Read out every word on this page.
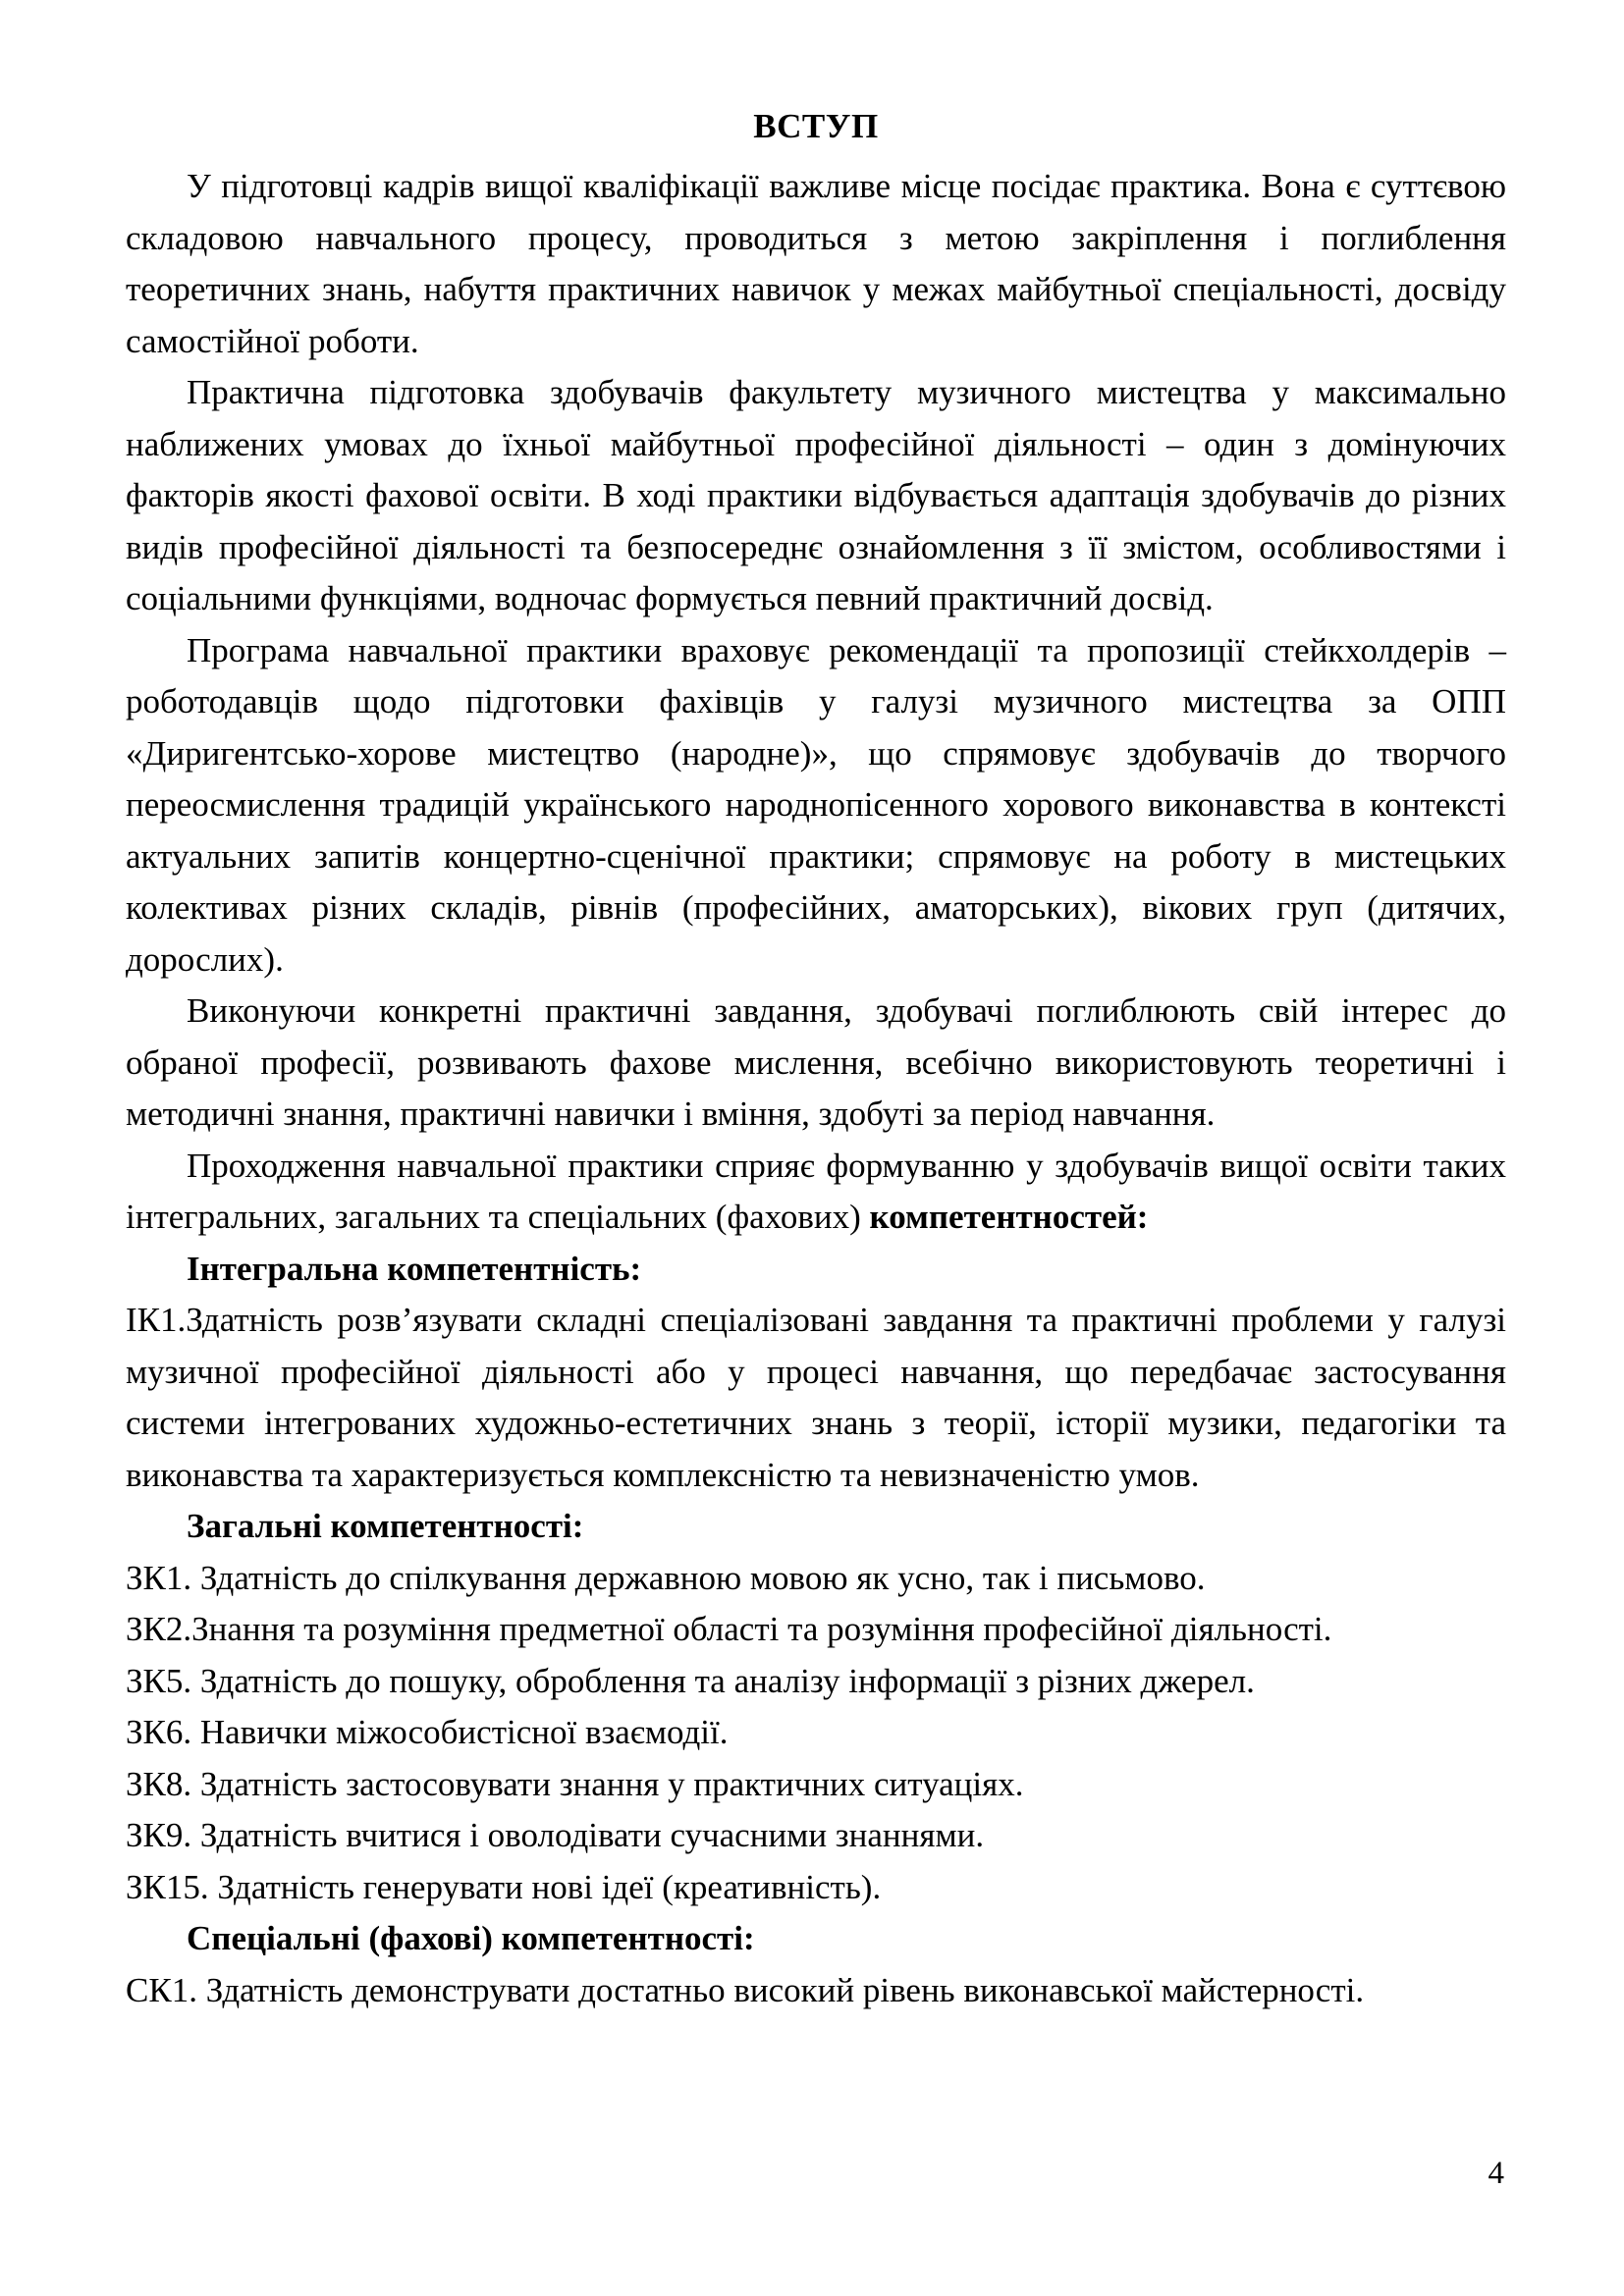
ВСТУП

У підготовці кадрів вищої кваліфікації важливе місце посідає практика. Вона є суттєвою складовою навчального процесу, проводиться з метою закріплення і поглиблення теоретичних знань, набуття практичних навичок у межах майбутньої спеціальності, досвіду самостійної роботи.

Практична підготовка здобувачів факультету музичного мистецтва у максимально наближених умовах до їхньої майбутньої професійної діяльності – один з домінуючих факторів якості фахової освіти. В ході практики відбувається адаптація здобувачів до різних видів професійної діяльності та безпосереднє ознайомлення з її змістом, особливостями і соціальними функціями, водночас формується певний практичний досвід.

Програма навчальної практики враховує рекомендації та пропозиції стейкхолдерів – роботодавців щодо підготовки фахівців у галузі музичного мистецтва за ОПП «Диригентсько-хорове мистецтво (народне)», що спрямовує здобувачів до творчого переосмислення традицій українського народнопісенного хорового виконавства в контексті актуальних запитів концертно-сценічної практики; спрямовує на роботу в мистецьких колективах різних складів, рівнів (професійних, аматорських), вікових груп (дитячих, дорослих).

Виконуючи конкретні практичні завдання, здобувачі поглиблюють свій інтерес до обраної професії, розвивають фахове мислення, всебічно використовують теоретичні і методичні знання, практичні навички і вміння, здобуті за період навчання.

Проходження навчальної практики сприяє формуванню у здобувачів вищої освіти таких інтегральних, загальних та спеціальних (фахових) компетентностей:

Інтегральна компетентність:

ІК1.Здатність розв’язувати складні спеціалізовані завдання та практичні проблеми у галузі музичної професійної діяльності або у процесі навчання, що передбачає застосування системи інтегрованих художньо-естетичних знань з теорії, історії музики, педагогіки та виконавства та характеризується комплексністю та невизначеністю умов.

Загальні компетентності:

ЗК1. Здатність до спілкування державною мовою як усно, так і письмово.

ЗК2.Знання та розуміння предметної області та розуміння професійної діяльності.

ЗК5. Здатність до пошуку, оброблення та аналізу інформації з різних джерел.

ЗК6. Навички міжособистісної взаємодії.

ЗК8. Здатність застосовувати знання у практичних ситуаціях.

ЗК9. Здатність вчитися і оволодівати сучасними знаннями.

ЗК15. Здатність генерувати нові ідеї (креативність).

Спеціальні (фахові) компетентності:

СК1. Здатність демонструвати достатньо високий рівень виконавської майстерності.

4
